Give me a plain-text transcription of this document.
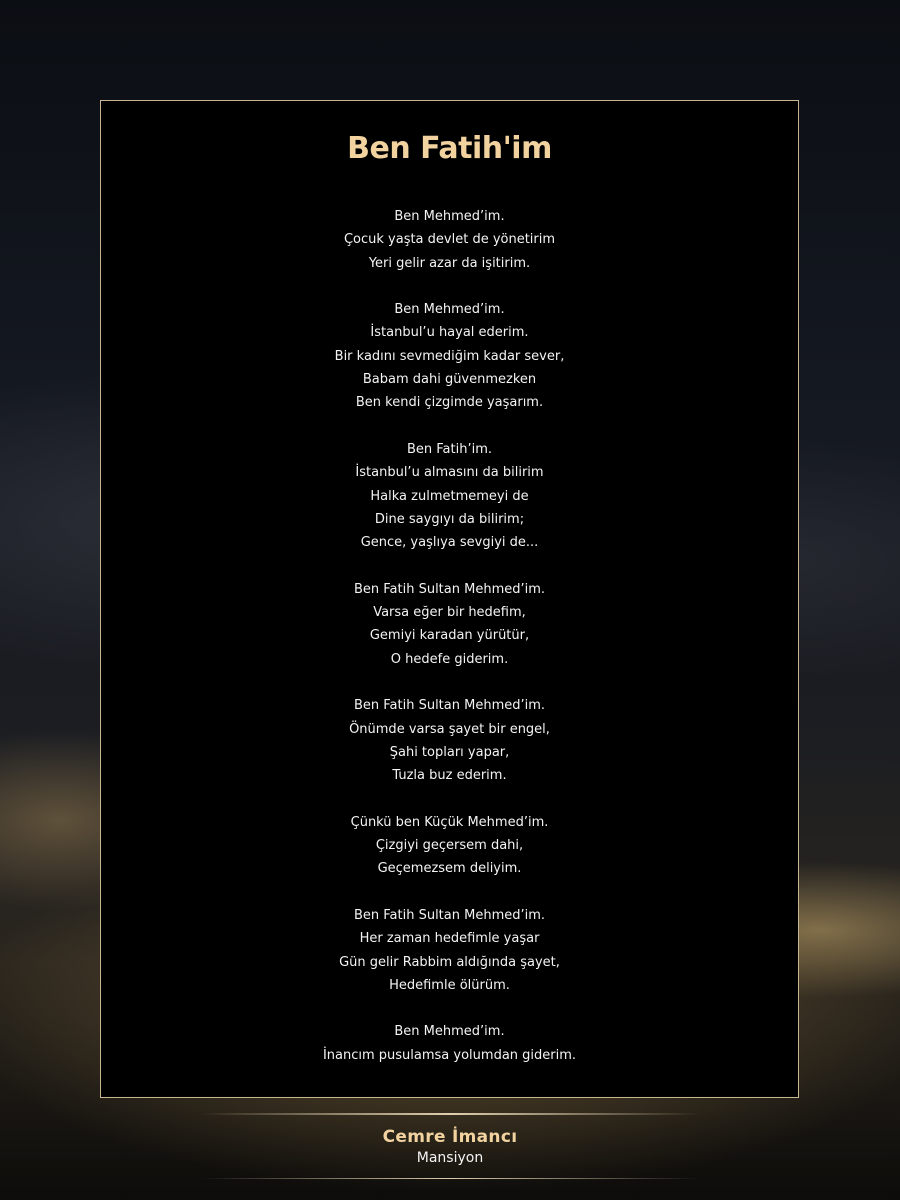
Ben Fatih'im
Ben Mehmed’im.
Çocuk yaşta devlet de yönetirim
Yeri gelir azar da işitirim.
Ben Mehmed’im.
İstanbul’u hayal ederim.
Bir kadını sevmediğim kadar sever,
Babam dahi güvenmezken
Ben kendi çizgimde yaşarım.
Ben Fatih’im.
İstanbul’u almasını da bilirim
Halka zulmetmemeyi de
Dine saygıyı da bilirim;
Gence, yaşlıya sevgiyi de...
Ben Fatih Sultan Mehmed’im.
Varsa eğer bir hedefim,
Gemiyi karadan yürütür,
O hedefe giderim.
Ben Fatih Sultan Mehmed’im.
Önümde varsa şayet bir engel,
Şahi topları yapar,
Tuzla buz ederim.
Çünkü ben Küçük Mehmed’im.
Çizgiyi geçersem dahi,
Geçemezsem deliyim.
Ben Fatih Sultan Mehmed’im.
Her zaman hedefimle yaşar
Gün gelir Rabbim aldığında şayet,
Hedefimle ölürüm.
Ben Mehmed’im.
İnancım pusulamsa yolumdan giderim.
Cemre İmancı
Mansiyon
